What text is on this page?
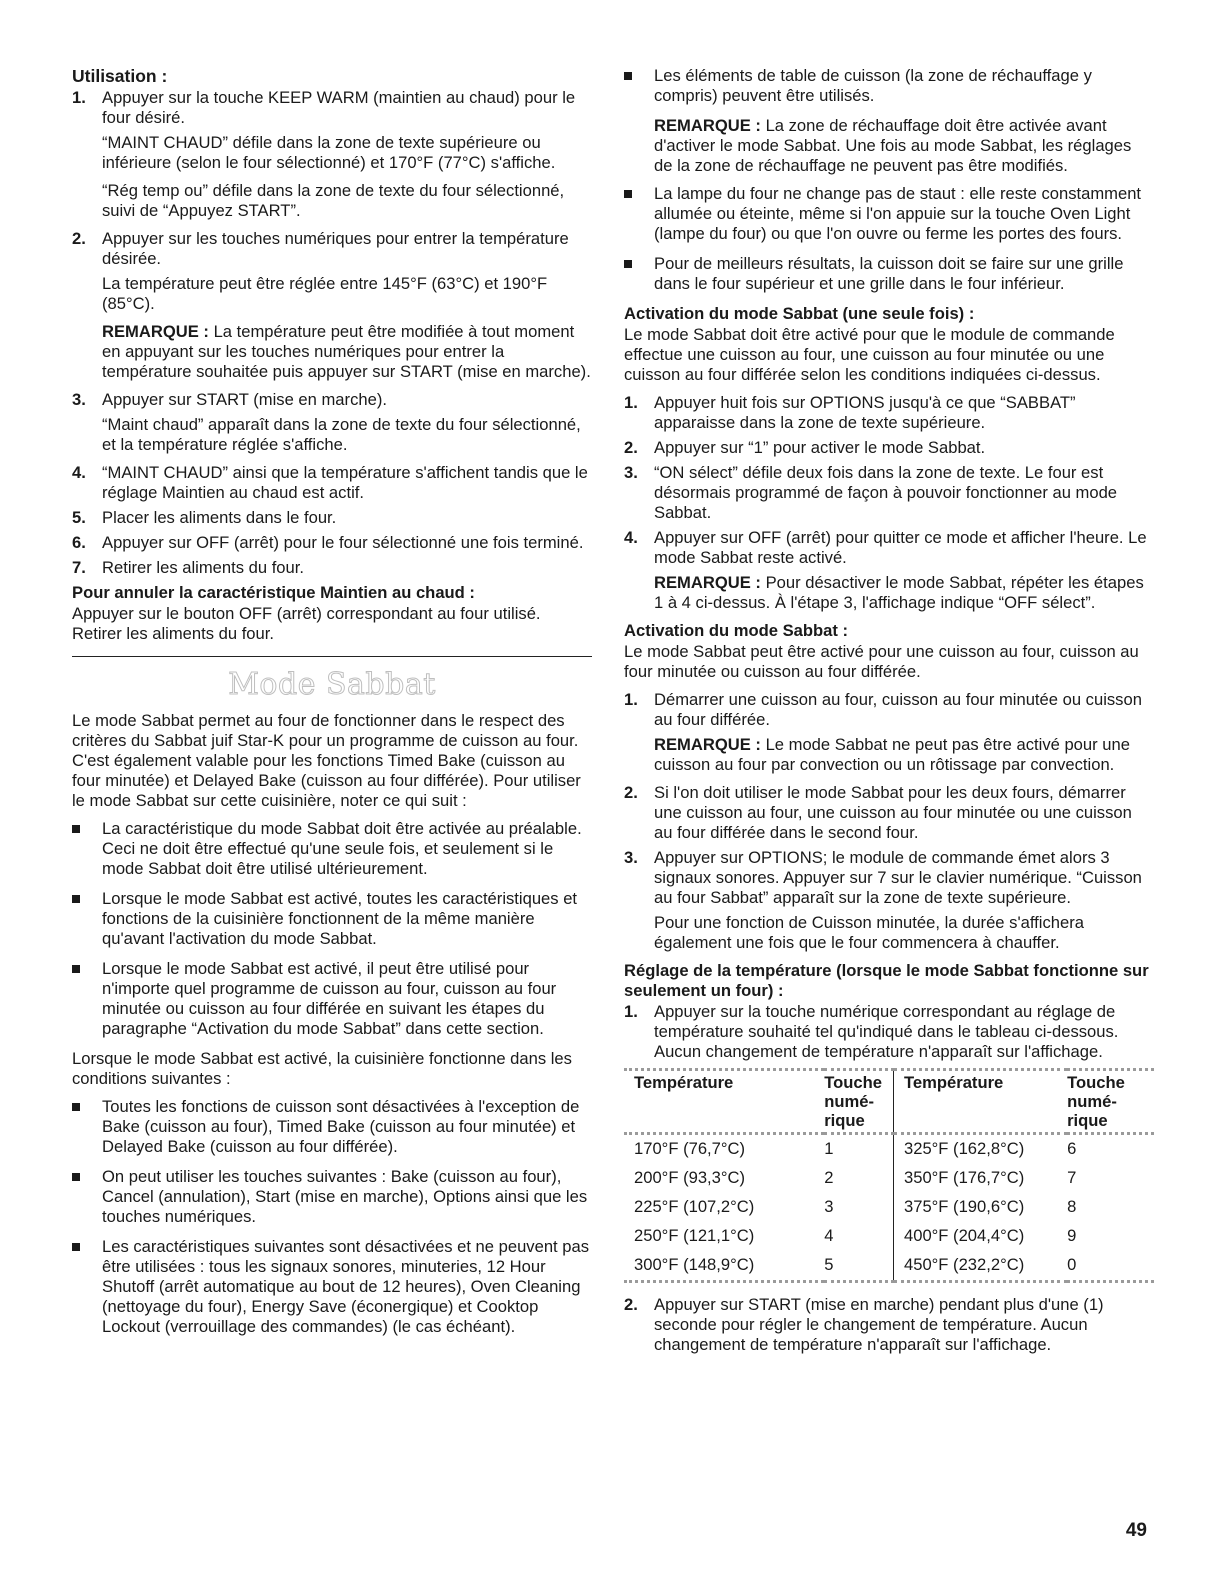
Utilisation :
1. Appuyer sur la touche KEEP WARM (maintien au chaud) pour le four désiré.

“MAINT CHAUD” défile dans la zone de texte supérieure ou inférieure (selon le four sélectionné) et 170°F (77°C) s'affiche.

“Rég temp ou” défile dans la zone de texte du four sélectionné, suivi de “Appuyez START”.

2. Appuyer sur les touches numériques pour entrer la température désirée.

La température peut être réglée entre 145°F (63°C) et 190°F (85°C).

REMARQUE : La température peut être modifiée à tout moment en appuyant sur les touches numériques pour entrer la température souhaitée puis appuyer sur START (mise en marche).

3. Appuyer sur START (mise en marche).

“Maint chaud” apparaît dans la zone de texte du four sélectionné, et la température réglée s'affiche.

4. “MAINT CHAUD” ainsi que la température s'affichent tandis que le réglage Maintien au chaud est actif.
5. Placer les aliments dans le four.
6. Appuyer sur OFF (arrêt) pour le four sélectionné une fois terminé.
7. Retirer les aliments du four.
Pour annuler la caractéristique Maintien au chaud :

Appuyer sur le bouton OFF (arrêt) correspondant au four utilisé. Retirer les aliments du four.

Mode Sabbat

Le mode Sabbat permet au four de fonctionner dans le respect des critères du Sabbat juif Star-K pour un programme de cuisson au four. C'est également valable pour les fonctions Timed Bake (cuisson au four minutée) et Delayed Bake (cuisson au four différée). Pour utiliser le mode Sabbat sur cette cuisinière, noter ce qui suit :

La caractéristique du mode Sabbat doit être activée au préalable. Ceci ne doit être effectué qu'une seule fois, et seulement si le mode Sabbat doit être utilisé ultérieurement.
Lorsque le mode Sabbat est activé, toutes les caractéristiques et fonctions de la cuisinière fonctionnent de la même manière qu'avant l'activation du mode Sabbat.
Lorsque le mode Sabbat est activé, il peut être utilisé pour n'importe quel programme de cuisson au four, cuisson au four minutée ou cuisson au four différée en suivant les étapes du paragraphe “Activation du mode Sabbat” dans cette section.

Lorsque le mode Sabbat est activé, la cuisinière fonctionne dans les conditions suivantes :

Toutes les fonctions de cuisson sont désactivées à l'exception de Bake (cuisson au four), Timed Bake (cuisson au four minutée) et Delayed Bake (cuisson au four différée).
On peut utiliser les touches suivantes : Bake (cuisson au four), Cancel (annulation), Start (mise en marche), Options ainsi que les touches numériques.
Les caractéristiques suivantes sont désactivées et ne peuvent pas être utilisées : tous les signaux sonores, minuteries, 12 Hour Shutoff (arrêt automatique au bout de 12 heures), Oven Cleaning (nettoyage du four), Energy Save (éconergique) et Cooktop Lockout (verrouillage des commandes) (le cas échéant).
Les éléments de table de cuisson (la zone de réchauffage y compris) peuvent être utilisés.

REMARQUE : La zone de réchauffage doit être activée avant d'activer le mode Sabbat. Une fois au mode Sabbat, les réglages de la zone de réchauffage ne peuvent pas être modifiés.

La lampe du four ne change pas de staut : elle reste constamment allumée ou éteinte, même si l'on appuie sur la touche Oven Light (lampe du four) ou que l'on ouvre ou ferme les portes des fours.
Pour de meilleurs résultats, la cuisson doit se faire sur une grille dans le four supérieur et une grille dans le four inférieur.
Activation du mode Sabbat (une seule fois) :

Le mode Sabbat doit être activé pour que le module de commande effectue une cuisson au four, une cuisson au four minutée ou une cuisson au four différée selon les conditions indiquées ci-dessus.

1. Appuyer huit fois sur OPTIONS jusqu'à ce que “SABBAT” apparaisse dans la zone de texte supérieure.
2. Appuyer sur “1” pour activer le mode Sabbat.
3. “ON sélect” défile deux fois dans la zone de texte. Le four est désormais programmé de façon à pouvoir fonctionner au mode Sabbat.
4. Appuyer sur OFF (arrêt) pour quitter ce mode et afficher l'heure. Le mode Sabbat reste activé.

REMARQUE : Pour désactiver le mode Sabbat, répéter les étapes 1 à 4 ci-dessus. À l'étape 3, l'affichage indique “OFF sélect”.

Activation du mode Sabbat :

Le mode Sabbat peut être activé pour une cuisson au four, cuisson au four minutée ou cuisson au four différée.

1. Démarrer une cuisson au four, cuisson au four minutée ou cuisson au four différée.

REMARQUE : Le mode Sabbat ne peut pas être activé pour une cuisson au four par convection ou un rôtissage par convection.

2. Si l'on doit utiliser le mode Sabbat pour les deux fours, démarrer une cuisson au four, une cuisson au four minutée ou une cuisson au four différée dans le second four.
3. Appuyer sur OPTIONS; le module de commande émet alors 3 signaux sonores. Appuyer sur 7 sur le clavier numérique. “Cuisson au four Sabbat” apparaît sur la zone de texte supérieure.

Pour une fonction de Cuisson minutée, la durée s'affichera également une fois que le four commencera à chauffer.

Réglage de la température (lorsque le mode Sabbat fonctionne sur seulement un four) :
1. Appuyer sur la touche numérique correspondant au réglage de température souhaité tel qu'indiqué dans le tableau ci-dessous. Aucun changement de température n'apparaît sur l'affichage.
Température	Touche numé-rique	Température	Touche numé-rique
170°F (76,7°C)	1	325°F (162,8°C)	6
200°F (93,3°C)	2	350°F (176,7°C)	7
225°F (107,2°C)	3	375°F (190,6°C)	8
250°F (121,1°C)	4	400°F (204,4°C)	9
300°F (148,9°C)	5	450°F (232,2°C)	0
2. Appuyer sur START (mise en marche) pendant plus d'une (1) seconde pour régler le changement de température. Aucun changement de température n'apparaît sur l'affichage.
49
